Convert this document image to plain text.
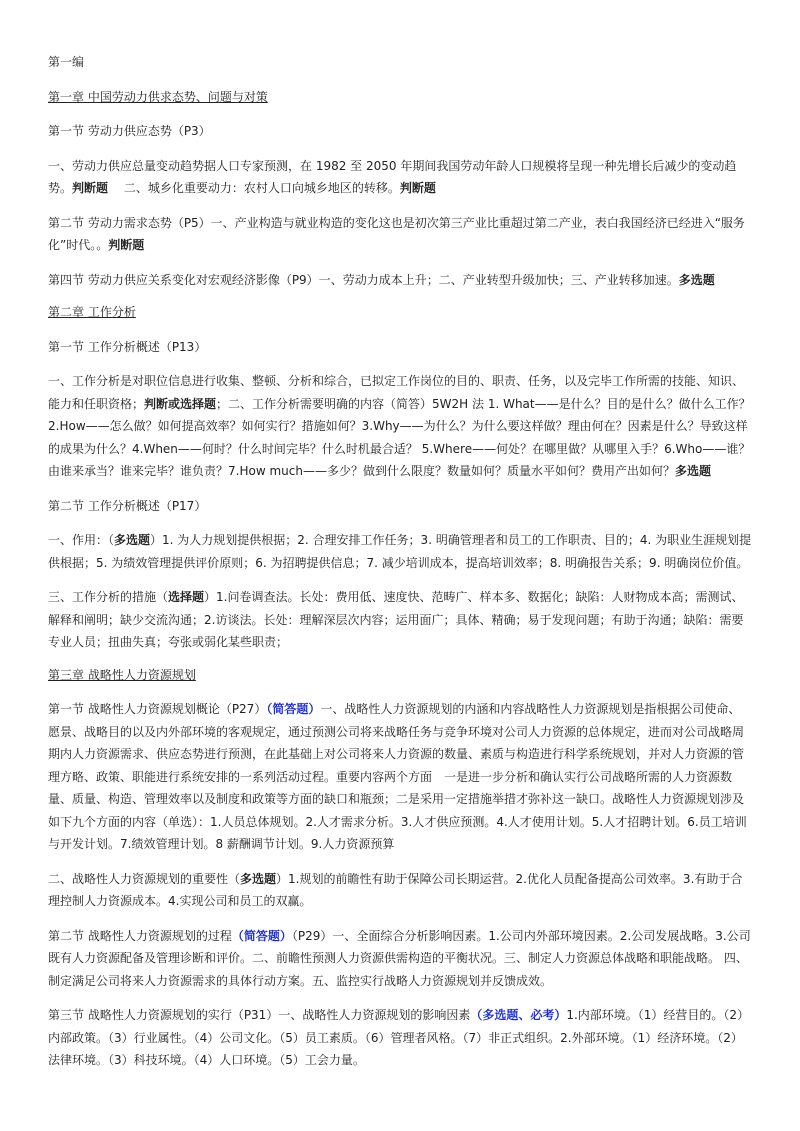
第一编

第一章 中国劳动力供求态势、问题与对策

第一节 劳动力供应态势（P3）

一、劳动力供应总量变动趋势据人口专家预测，在 1982 至 2050 年期间我国劳动年龄人口规模将呈现一种先增长后减少的变动趋势。判断题　 二、城乡化重要动力：农村人口向城乡地区的转移。判断题

第二节 劳动力需求态势（P5）一、产业构造与就业构造的变化这也是初次第三产业比重超过第二产业，表白我国经济已经进入“服务化”时代。。判断题

第四节 劳动力供应关系变化对宏观经济影像（P9）一、劳动力成本上升；二、产业转型升级加快；三、产业转移加速。多选题

第二章 工作分析

第一节 工作分析概述（P13）

一、工作分析是对职位信息进行收集、整顿、分析和综合，已拟定工作岗位的目的、职责、任务，以及完毕工作所需的技能、知识、能力和任职资格；判断或选择题；二、工作分析需要明确的内容（简答）5W2H 法 1. What——是什么？目的是什么？做什么工作？2.How——怎么做？如何提高效率？如何实行？措施如何？3.Why——为什么？为什么要这样做？理由何在？因素是什么？导致这样的成果为什么？4.When——何时？什么时间完毕？什么时机最合适？ 5.Where——何处？在哪里做？从哪里入手？6.Who——谁？由谁来承当？谁来完毕？谁负责？7.How much——多少？做到什么限度？数量如何？质量水平如何？费用产出如何？多选题

第二节 工作分析概述（P17）

一、作用：（多选题）1. 为人力规划提供根据；2. 合理安排工作任务；3. 明确管理者和员工的工作职责、目的；4. 为职业生涯规划提供根据；5. 为绩效管理提供评价原则；6. 为招聘提供信息；7. 减少培训成本，提高培训效率；8. 明确报告关系；9. 明确岗位价值。

三、工作分析的措施（选择题）1.问卷调查法。长处：费用低、速度快、范畴广、样本多、数据化；缺陷：人财物成本高；需测试、解释和阐明；缺少交流沟通；2.访谈法。长处：理解深层次内容；运用面广；具体、精确；易于发现问题；有助于沟通；缺陷：需要专业人员；扭曲失真；夸张或弱化某些职责；

第三章 战略性人力资源规划

第一节 战略性人力资源规划概论（P27）（简答题）一、战略性人力资源规划的内涵和内容战略性人力资源规划是指根据公司使命、愿景、战略目的以及内外部环境的客观规定，通过预测公司将来战略任务与竞争环境对公司人力资源的总体规定，进而对公司战略周期内人力资源需求、供应态势进行预测，在此基础上对公司将来人力资源的数量、素质与构造进行科学系统规划，并对人力资源的管理方略、政策、职能进行系统安排的一系列活动过程。重要内容两个方面　一是进一步分析和确认实行公司战略所需的人力资源数量、质量、构造、管理效率以及制度和政策等方面的缺口和瓶颈；二是采用一定措施举措才弥补这一缺口。战略性人力资源规划涉及如下九个方面的内容（单选）：1.人员总体规划。2.人才需求分析。3.人才供应预测。4.人才使用计划。5.人才招聘计划。6.员工培训与开发计划。7.绩效管理计划。8 薪酬调节计划。9.人力资源预算

二、战略性人力资源规划的重要性（多选题）1.规划的前瞻性有助于保障公司长期运营。2.优化人员配备提高公司效率。3.有助于合理控制人力资源成本。4.实现公司和员工的双赢。

第二节 战略性人力资源规划的过程（简答题）（P29）一、全面综合分析影响因素。1.公司内外部环境因素。2.公司发展战略。3.公司既有人力资源配备及管理诊断和评价。二、前瞻性预测人力资源供需构造的平衡状况。三、制定人力资源总体战略和职能战略。 四、制定满足公司将来人力资源需求的具体行动方案。五、监控实行战略人力资源规划并反馈成效。

第三节 战略性人力资源规划的实行（P31）一、战略性人力资源规划的影响因素（多选题、必考）1.内部环境。（1）经营目的。（2）内部政策。（3）行业属性。（4）公司文化。（5）员工素质。（6）管理者风格。（7）非正式组织。2.外部环境。（1）经济环境。（2）法律环境。（3）科技环境。（4）人口环境。（5）工会力量。
